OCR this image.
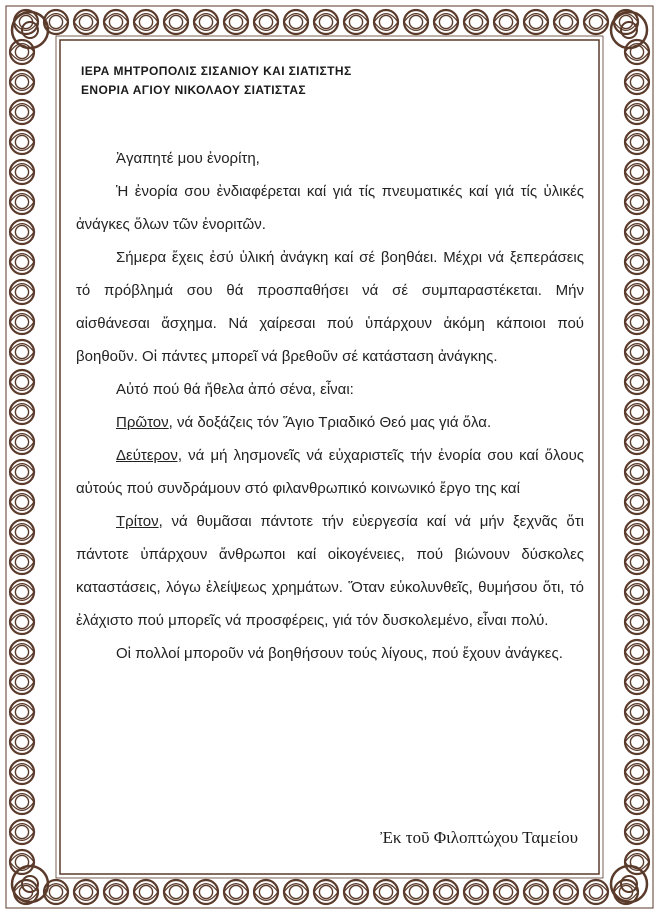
ΙΕΡΑ ΜΗΤΡΟΠΟΛΙΣ ΣΙΣΑΝΙΟΥ ΚΑΙ ΣΙΑΤΙΣΤΗΣ
ΕΝΟΡΙΑ ΑΓΙΟΥ ΝΙΚΟΛΑΟΥ ΣΙΑΤΙΣΤΑΣ

Ἀγαπητέ μου ἐνορίτη,

Ἡ ἐνορία σου ἐνδιαφέρεται καί γιά τίς πνευματικές καί γιά τίς ὑλικές ἀνάγκες ὅλων τῶν ἐνοριτῶν.

Σήμερα ἔχεις ἐσύ ὑλική ἀνάγκη καί σέ βοηθάει. Μέχρι νά ξεπεράσεις τό πρόβλημά σου θά προσπαθήσει νά σέ συμπαραστέκεται. Μήν αἰσθάνεσαι ἄσχημα. Νά χαίρεσαι πού ὑπάρχουν ἀκόμη κάποιοι πού βοηθοῦν. Οἱ πάντες μπορεῖ νά βρεθοῦν σέ κατάσταση ἀνάγκης.

Αὐτό πού θά ἤθελα ἀπό σένα, εἶναι:

Πρῶτον, νά δοξάζεις τόν Ἅγιο Τριαδικό Θεό μας γιά ὅλα.

Δεύτερον, νά μή λησμονεῖς νά εὐχαριστεῖς τήν ἐνορία σου καί ὅλους αὐτούς πού συνδράμουν στό φιλανθρωπικό κοινωνικό ἔργο της καί

Τρίτον, νά θυμᾶσαι πάντοτε τήν εὐεργεσία καί νά μήν ξεχνᾶς ὅτι πάντοτε ὑπάρχουν ἄνθρωποι καί οἰκογένειες, πού βιώνουν δύσκολες καταστάσεις, λόγω ἐλείψεως χρημάτων. Ὅταν εὐκολυνθεῖς, θυμήσου ὅτι, τό ἐλάχιστο πού μπορεῖς νά προσφέρεις, γιά τόν δυσκολεμένο, εἶναι πολύ.

Οἱ πολλοί μποροῦν νά βοηθήσουν τούς λίγους, πού ἔχουν ἀνάγκες.

Ἐκ τοῦ Φιλοπτώχου Ταμείου
